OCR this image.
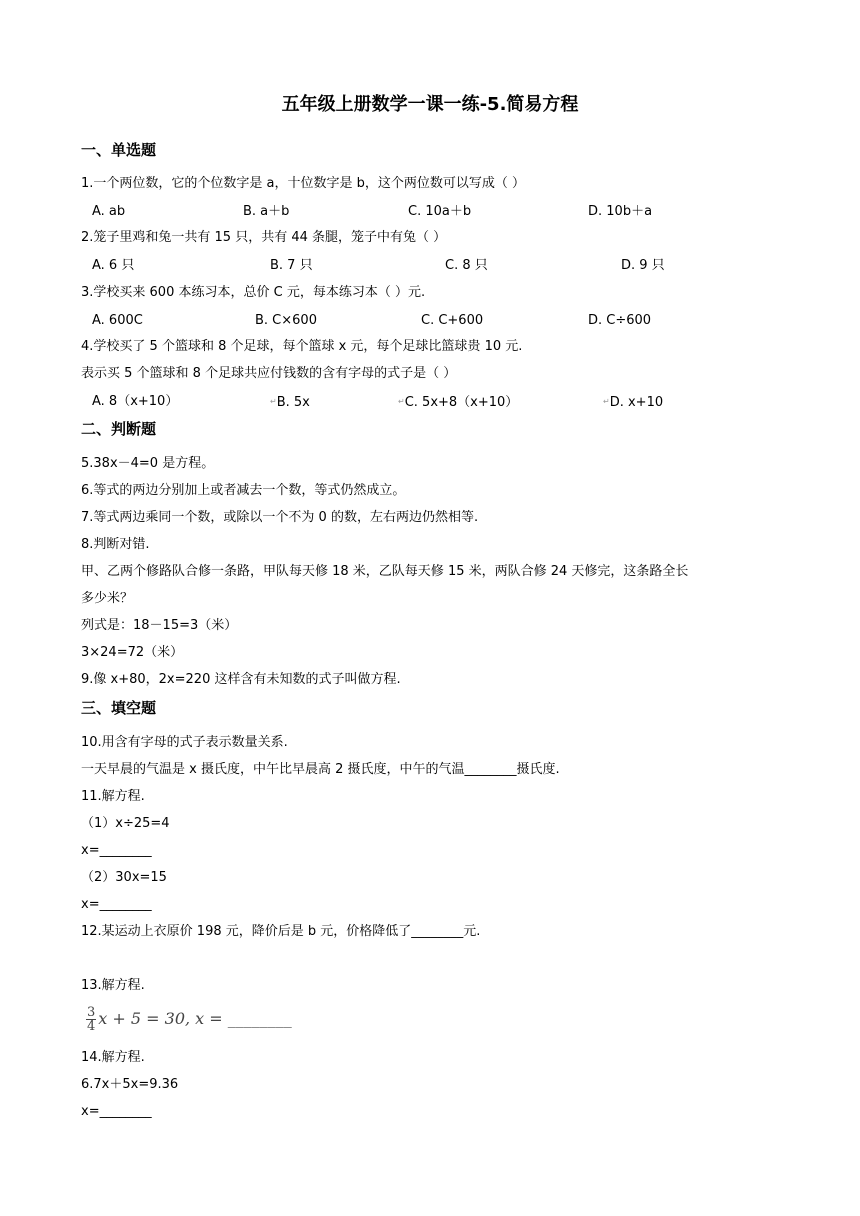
五年级上册数学一课一练-5.简易方程
一、单选题
1.一个两位数，它的个位数字是 a，十位数字是 b，这个两位数可以写成（ ）
A. ab	B. a＋b	C. 10a＋b	D. 10b＋a
2.笼子里鸡和兔一共有 15 只，共有 44 条腿，笼子中有兔（ ）
A. 6 只	B. 7 只	C. 8 只	D. 9 只
3.学校买来 600 本练习本，总价 C 元，每本练习本（ ）元.
A. 600C	B. C×600	C. C+600	D. C÷600
4.学校买了 5 个篮球和 8 个足球，每个篮球 x 元，每个足球比篮球贵 10 元.
表示买 5 个篮球和 8 个足球共应付钱数的含有字母的式子是（ ）
A. 8（x+10）	↵B. 5x	↵C. 5x+8（x+10）	↵D. x+10
二、判断题
5.38x－4=0 是方程。
6.等式的两边分别加上或者减去一个数，等式仍然成立。
7.等式两边乘同一个数，或除以一个不为 0 的数，左右两边仍然相等.
8.判断对错.
甲、乙两个修路队合修一条路，甲队每天修 18 米，乙队每天修 15 米，两队合修 24 天修完，这条路全长
多少米？
列式是：18－15=3（米）
3×24=72（米）
9.像 x+80，2x=220 这样含有未知数的式子叫做方程.
三、填空题
10.用含有字母的式子表示数量关系.
一天早晨的气温是 x 摄氏度，中午比早晨高 2 摄氏度，中午的气温________摄氏度.
11.解方程.
（1）x÷25=4
x=________
（2）30x=15
x=________
12.某运动上衣原价 198 元，降价后是 b 元，价格降低了________元.
13.解方程.
$\frac{3}{4}$ x + 5 = 30, x = ________
14.解方程.
6.7x＋5x=9.36
x=________
